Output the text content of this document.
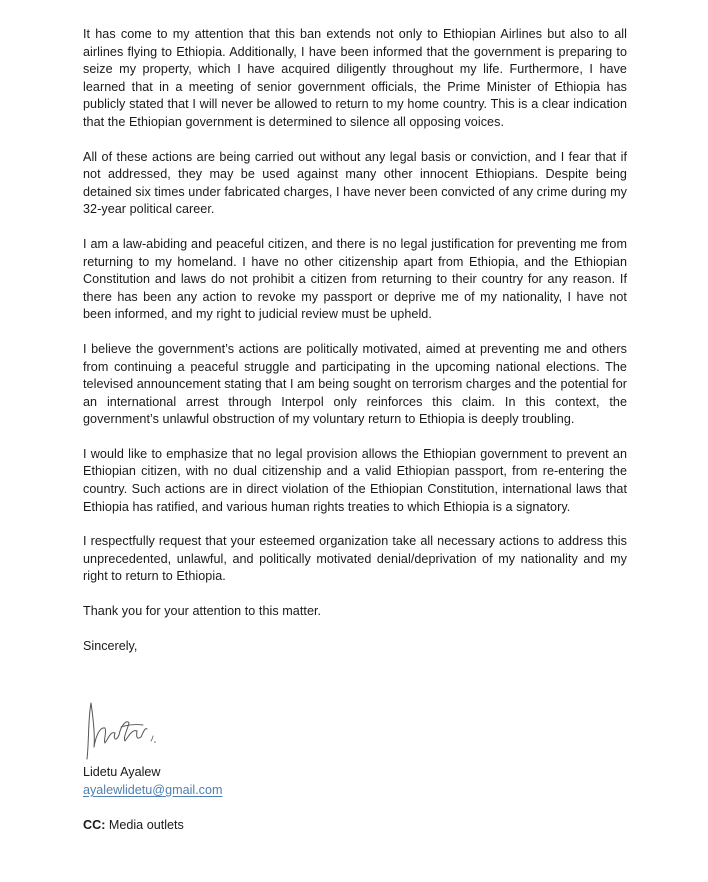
It has come to my attention that this ban extends not only to Ethiopian Airlines but also to all airlines flying to Ethiopia. Additionally, I have been informed that the government is preparing to seize my property, which I have acquired diligently throughout my life. Furthermore, I have learned that in a meeting of senior government officials, the Prime Minister of Ethiopia has publicly stated that I will never be allowed to return to my home country. This is a clear indication that the Ethiopian government is determined to silence all opposing voices.

All of these actions are being carried out without any legal basis or conviction, and I fear that if not addressed, they may be used against many other innocent Ethiopians. Despite being detained six times under fabricated charges, I have never been convicted of any crime during my 32-year political career.

I am a law-abiding and peaceful citizen, and there is no legal justification for preventing me from returning to my homeland. I have no other citizenship apart from Ethiopia, and the Ethiopian Constitution and laws do not prohibit a citizen from returning to their country for any reason. If there has been any action to revoke my passport or deprive me of my nationality, I have not been informed, and my right to judicial review must be upheld.

I believe the government’s actions are politically motivated, aimed at preventing me and others from continuing a peaceful struggle and participating in the upcoming national elections. The televised announcement stating that I am being sought on terrorism charges and the potential for an international arrest through Interpol only reinforces this claim. In this context, the government’s unlawful obstruction of my voluntary return to Ethiopia is deeply troubling.

I would like to emphasize that no legal provision allows the Ethiopian government to prevent an Ethiopian citizen, with no dual citizenship and a valid Ethiopian passport, from re-entering the country. Such actions are in direct violation of the Ethiopian Constitution, international laws that Ethiopia has ratified, and various human rights treaties to which Ethiopia is a signatory.

I respectfully request that your esteemed organization take all necessary actions to address this unprecedented, unlawful, and politically motivated denial/deprivation of my nationality and my right to return to Ethiopia.

Thank you for your attention to this matter.

Sincerely,

Lidetu Ayalew
ayalewlidetu@gmail.com
CC: Media outlets
